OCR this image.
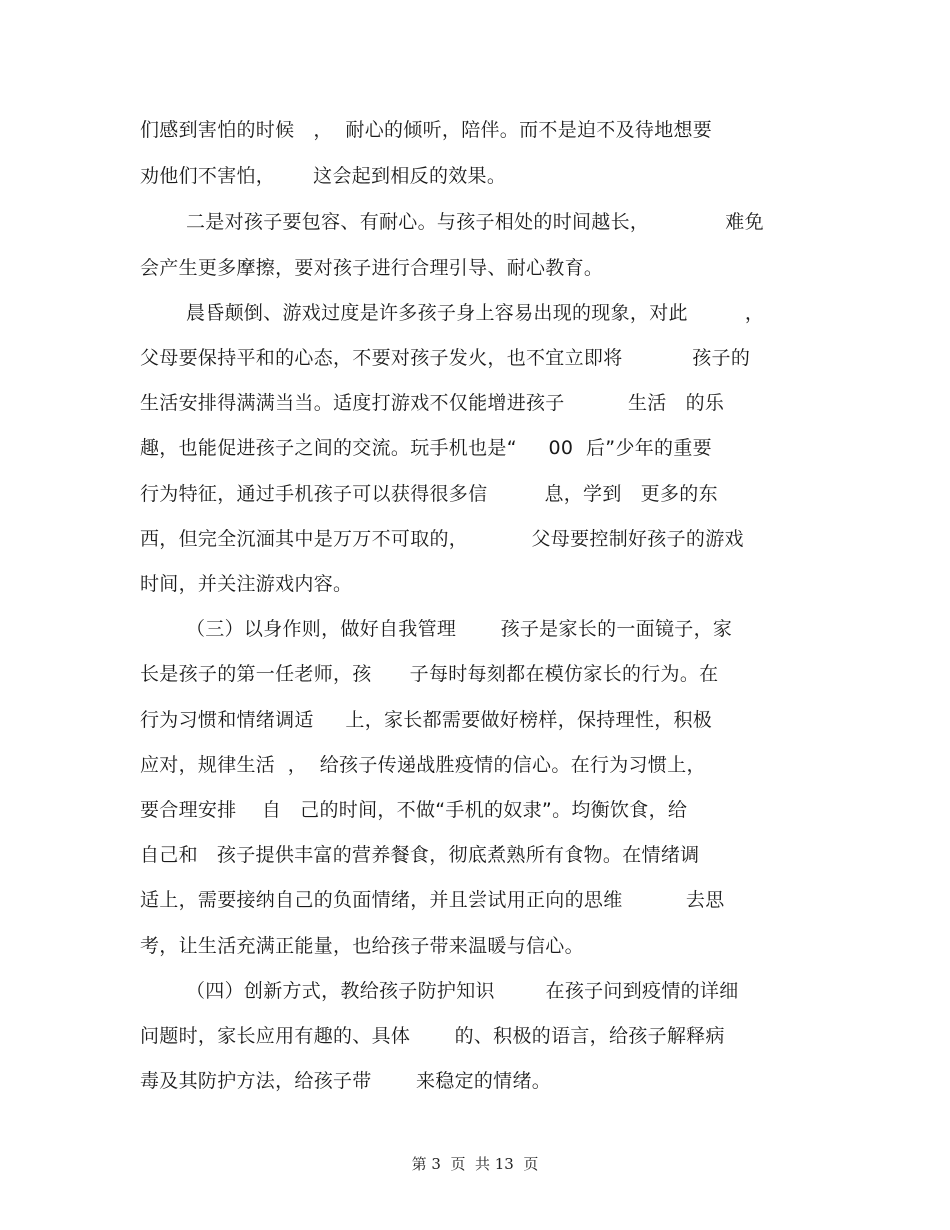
们感到害怕的时候   ，  耐心的倾听，陪伴。而不是迫不及待地想要
劝他们不害怕，      这会起到相反的效果。
二是对孩子要包容、有耐心。与孩子相处的时间越长，            难免
会产生更多摩擦，要对孩子进行合理引导、耐心教育。
晨昏颠倒、游戏过度是许多孩子身上容易出现的现象，对此         ，
父母要保持平和的心态，不要对孩子发火，也不宜立即将           孩子的
生活安排得满满当当。适度打游戏不仅能增进孩子          生活   的乐
趣，也能促进孩子之间的交流。玩手机也是“     00  后”少年的重要
行为特征，通过手机孩子可以获得很多信         息，学到   更多的东
西，但完全沉湎其中是万万不可取的，          父母要控制好孩子的游戏
时间，并关注游戏内容。
（三）以身作则，做好自我管理       孩子是家长的一面镜子，家
长是孩子的第一任老师，孩      子每时每刻都在模仿家长的行为。在
行为习惯和情绪调适     上，家长都需要做好榜样，保持理性，积极
应对，规律生活  ，  给孩子传递战胜疫情的信心。在行为习惯上，
要合理安排    自   己的时间，不做“手机的奴隶”。均衡饮食，给
自己和   孩子提供丰富的营养餐食，彻底煮熟所有食物。在情绪调
适上，需要接纳自己的负面情绪，并且尝试用正向的思维          去思
考，让生活充满正能量，也给孩子带来温暖与信心。
（四）创新方式，教给孩子防护知识        在孩子问到疫情的详细
问题时，家长应用有趣的、具体       的、积极的语言，给孩子解释病
毒及其防护方法，给孩子带       来稳定的情绪。
第 3  页  共 13  页
